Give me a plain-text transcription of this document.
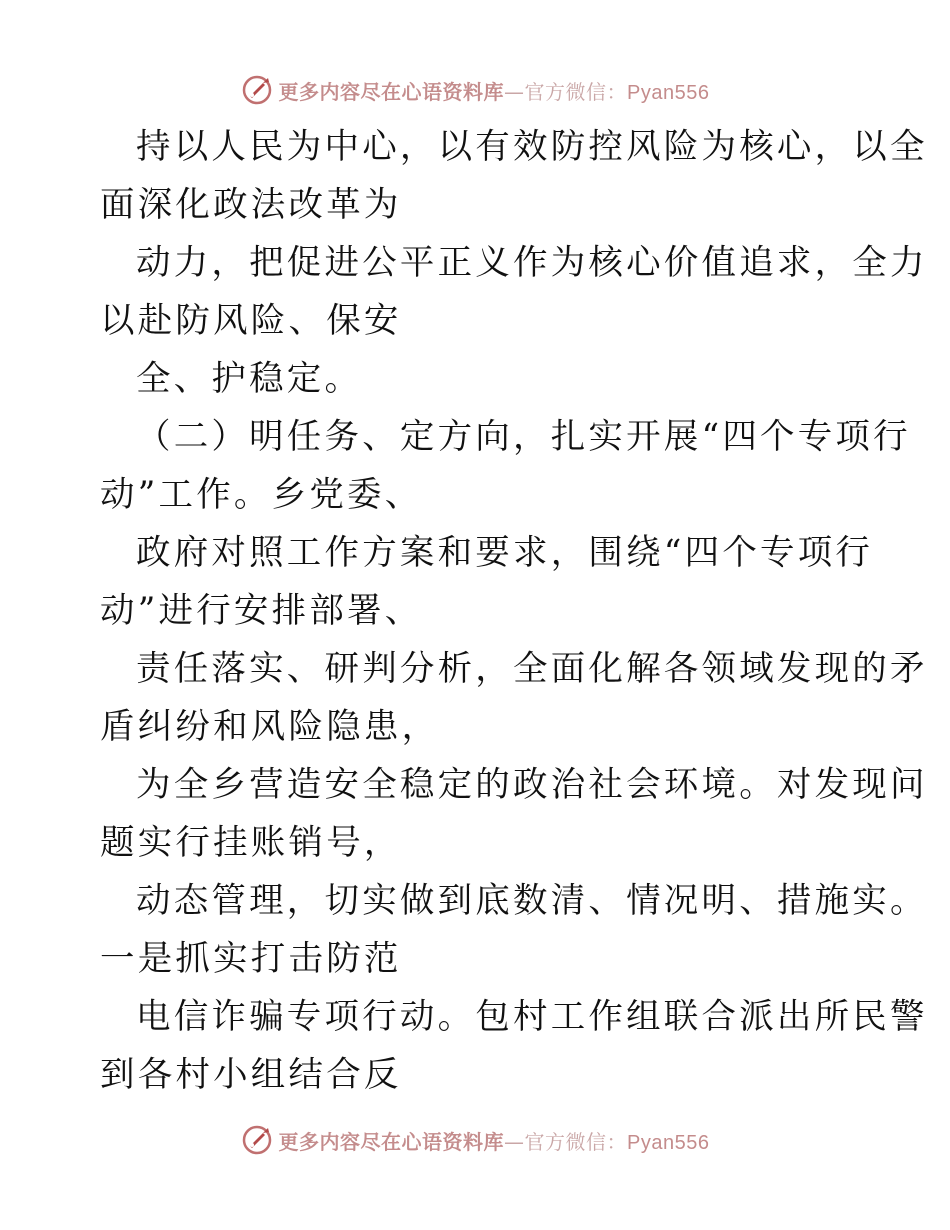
更多内容尽在心语资料库—官方微信：Pyan556
持以人民为中心，以有效防控风险为核心，以全
面深化政法改革为
动力，把促进公平正义作为核心价值追求，全力
以赴防风险、保安
全、护稳定。
（二）明任务、定方向，扎实开展“四个专项行
动”工作。乡党委、
政府对照工作方案和要求，围绕“四个专项行
动”进行安排部署、
责任落实、研判分析，全面化解各领域发现的矛
盾纠纷和风险隐患，
为全乡营造安全稳定的政治社会环境。对发现问
题实行挂账销号，
动态管理，切实做到底数清、情况明、措施实。
一是抓实打击防范
电信诈骗专项行动。包村工作组联合派出所民警
到各村小组结合反
更多内容尽在心语资料库—官方微信：Pyan556
